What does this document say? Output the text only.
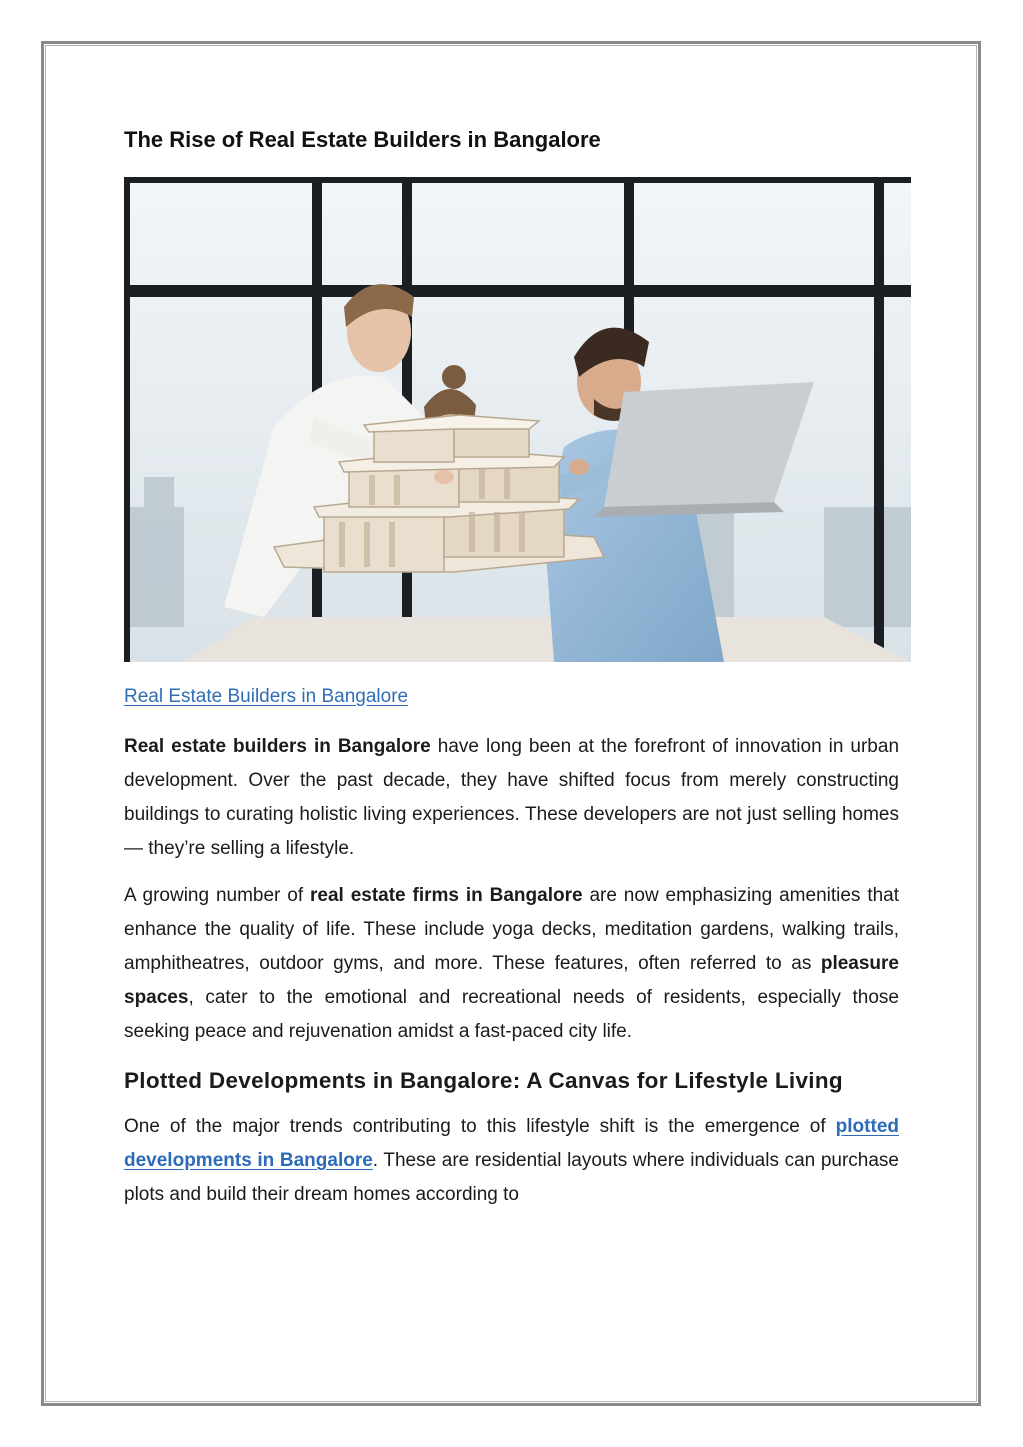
The Rise of Real Estate Builders in Bangalore
Real Estate Builders in Bangalore

Real estate builders in Bangalore have long been at the forefront of innovation in urban development. Over the past decade, they have shifted focus from merely constructing buildings to curating holistic living experiences. These developers are not just selling homes — they’re selling a lifestyle.

A growing number of real estate firms in Bangalore are now emphasizing amenities that enhance the quality of life. These include yoga decks, meditation gardens, walking trails, amphitheatres, outdoor gyms, and more. These features, often referred to as pleasure spaces, cater to the emotional and recreational needs of residents, especially those seeking peace and rejuvenation amidst a fast-paced city life.

Plotted Developments in Bangalore: A Canvas for Lifestyle Living

One of the major trends contributing to this lifestyle shift is the emergence of plotted developments in Bangalore. These are residential layouts where individuals can purchase plots and build their dream homes according to
